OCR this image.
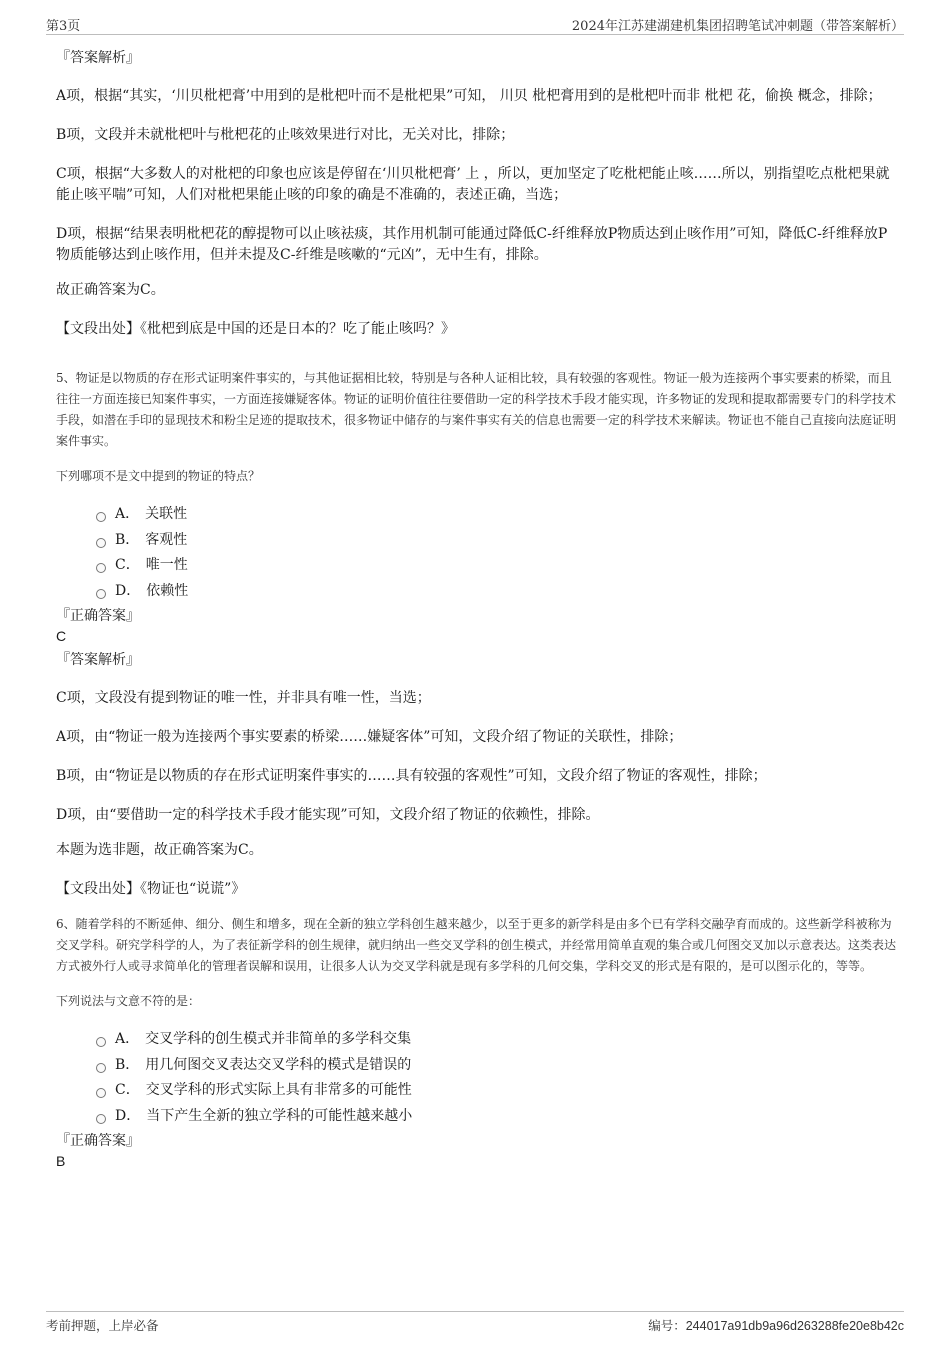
第3页	2024年江苏建湖建机集团招聘笔试冲刺题（带答案解析）

『答案解析』

A项，根据“其实，‘川贝枇杷膏’中用到的是枇杷叶而不是枇杷果”可知， 川贝 枇杷膏用到的是枇杷叶而非 枇杷 花，偷换 概念，排除；

B项，文段并未就枇杷叶与枇杷花的止咳效果进行对比，无关对比，排除；

C项，根据“大多数人的对枇杷的印象也应该是停留在‘川贝枇杷膏’ 上 ，所以，更加坚定了吃枇杷能止咳……所以，别指望吃点枇杷果就能止咳平喘”可知，人们对枇杷果能止咳的印象的确是不准确的，表述正确，当选；

D项，根据“结果表明枇杷花的醇提物可以止咳祛痰，其作用机制可能通过降低C-纤维释放P物质达到止咳作用”可知，降低C-纤维释放P物质能够达到止咳作用，但并未提及C-纤维是咳嗽的“元凶”，无中生有，排除。

故正确答案为C。

【文段出处】《枇杷到底是中国的还是日本的？吃了能止咳吗？》

5、物证是以物质的存在形式证明案件事实的，与其他证据相比较，特别是与各种人证相比较，具有较强的客观性。物证一般为连接两个事实要素的桥梁，而且往往一方面连接已知案件事实，一方面连接嫌疑客体。物证的证明价值往往要借助一定的科学技术手段才能实现，许多物证的发现和提取都需要专门的科学技术手段，如潜在手印的显现技术和粉尘足迹的提取技术，很多物证中储存的与案件事实有关的信息也需要一定的科学技术来解读。物证也不能自己直接向法庭证明案件事实。

下列哪项不是文中提到的物证的特点？

A． 关联性
B． 客观性
C． 唯一性
D． 依赖性

『正确答案』

C

『答案解析』

C项，文段没有提到物证的唯一性，并非具有唯一性，当选；

A项，由“物证一般为连接两个事实要素的桥梁……嫌疑客体”可知，文段介绍了物证的关联性，排除；

B项，由“物证是以物质的存在形式证明案件事实的……具有较强的客观性”可知，文段介绍了物证的客观性，排除；

D项，由“要借助一定的科学技术手段才能实现”可知，文段介绍了物证的依赖性，排除。

本题为选非题，故正确答案为C。

【文段出处】《物证也“说谎”》

6、随着学科的不断延伸、细分、侧生和增多，现在全新的独立学科创生越来越少，以至于更多的新学科是由多个已有学科交融孕育而成的。这些新学科被称为交叉学科。研究学科学的人，为了表征新学科的创生规律，就归纳出一些交叉学科的创生模式，并经常用简单直观的集合或几何图交叉加以示意表达。这类表达方式被外行人或寻求简单化的管理者误解和误用，让很多人认为交叉学科就是现有多学科的几何交集，学科交叉的形式是有限的，是可以图示化的，等等。

下列说法与文意不符的是：

A． 交叉学科的创生模式并非简单的多学科交集
B． 用几何图交叉表达交叉学科的模式是错误的
C． 交叉学科的形式实际上具有非常多的可能性
D． 当下产生全新的独立学科的可能性越来越小

『正确答案』

B

考前押题，上岸必备	编号：244017a91db9a96d263288fe20e8b42c
